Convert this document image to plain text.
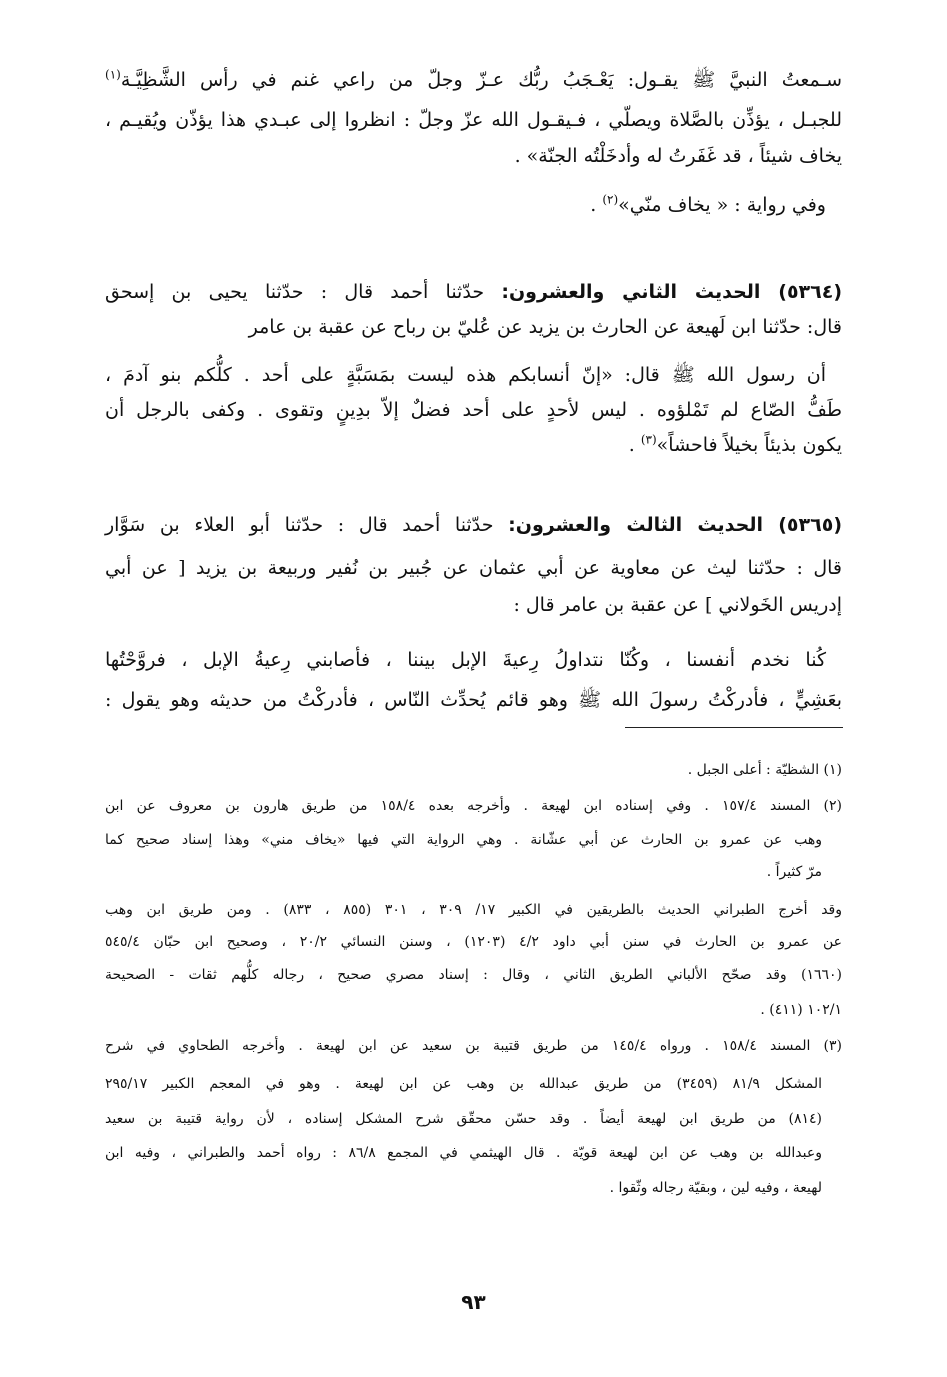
سـمعتُ النبيَّ ﷺ يقـول: يَعْـجَبُ ربُّك عـزّ وجلّ من راعي غنم في رأس الشَّظِيَّـة$^{(١)}$
للجبـل ، يؤذِّن بالصَّلاة ويصلّي ، فـيقـول الله عزّ وجلّ : انظروا إلى عبـدي هذا يؤذّن ويُقيـم ،
يخاف شيئاً ، قد غَفَرتُ له وأدخَلْتُه الجنّة» .
وفي رواية : « يخاف منّي»$^{(٢)}$ .
(٥٣٦٤) الحديث الثاني والعشرون: حدّثنا أحمد قال : حدّثنا يحيى بن إسحق
قال: حدّثنا ابن لَهيعة عن الحارث بن يزيد عن عُليّ بن رباح عن عقبة بن عامر
أن رسول الله ﷺ قال: «إنّ أنسابكم هذه ليست بمَسَبَّةٍ على أحد . كلُّكم بنو آدمَ ،
طَفُّ الصّاع لم تَمْلؤوه . ليس لأحدٍ على أحد فضلٌ إلاّ بدِينٍ وتقوى . وكفى بالرجل أن
يكون بذيئاً بخيلاً فاحشاً»$^{(٣)}$ .
(٥٣٦٥) الحديث الثالث والعشرون: حدّثنا أحمد قال : حدّثنا أبو العلاء بن سَوَّار
قال : حدّثنا ليث عن معاوية عن أبي عثمان عن جُبير بن نُفير وربيعة بن يزيد [ عن أبي
إدريس الخَولاني ] عن عقبة بن عامر قال :
كُنا نخدم أنفسنا ، وكُنّا نتداولُ رِعيةَ الإبل بيننا ، فأصابني رِعيةُ الإبل ، فروَّحْتُها
بعَشِيٍّ ، فأدركْتُ رسولَ الله ﷺ وهو قائم يُحدِّث النّاس ، فأدركْتُ من حديثه وهو يقول :
(١) الشظيّة : أعلى الجبل .
(٢) المسند ١٥٧/٤ . وفي إسناده ابن لهيعة . وأخرجه بعده ١٥٨/٤ من طريق هارون بن معروف عن ابن
وهب عن عمرو بن الحارث عن أبي عشّانة . وهي الرواية التي فيها «يخاف مني» وهذا إسناد صحيح كما
مرّ كثيراً .
وقد أخرج الطبراني الحديث بالطريقين في الكبير ١٧/ ٣٠٩ ، ٣٠١ (٨٥٥ ، ٨٣٣) . ومن طريق ابن وهب
عن عمرو بن الحارث في سنن أبي داود ٤/٢ (١٢٠٣) ، وسنن النسائي ٢٠/٢ ، وصحيح ابن حبّان ٥٤٥/٤
(١٦٦٠) وقد صحّح الألباني الطريق الثاني ، وقال : إسناد مصري صحيح ، رجاله كلُّهم ثقات - الصحيحة
١٠٢/١ (٤١١) .
(٣) المسند ١٥٨/٤ . ورواه ١٤٥/٤ من طريق قتيبة بن سعيد عن ابن لهيعة . وأخرجه الطحاوي في شرح
المشكل ٨١/٩ (٣٤٥٩) من طريق عبدالله بن وهب عن ابن لهيعة . وهو في المعجم الكبير ٢٩٥/١٧
(٨١٤) من طريق ابن لهيعة أيضاً . وقد حسّن محقّق شرح المشكل إسناده ، لأن رواية قتيبة بن سعيد
وعبدالله بن وهب عن ابن لهيعة قويّة . قال الهيثمي في المجمع ٨٦/٨ : رواه أحمد والطبراني ، وفيه ابن
لهيعة ، وفيه لين ، وبقيّة رجاله وثّقوا .
٩٣
